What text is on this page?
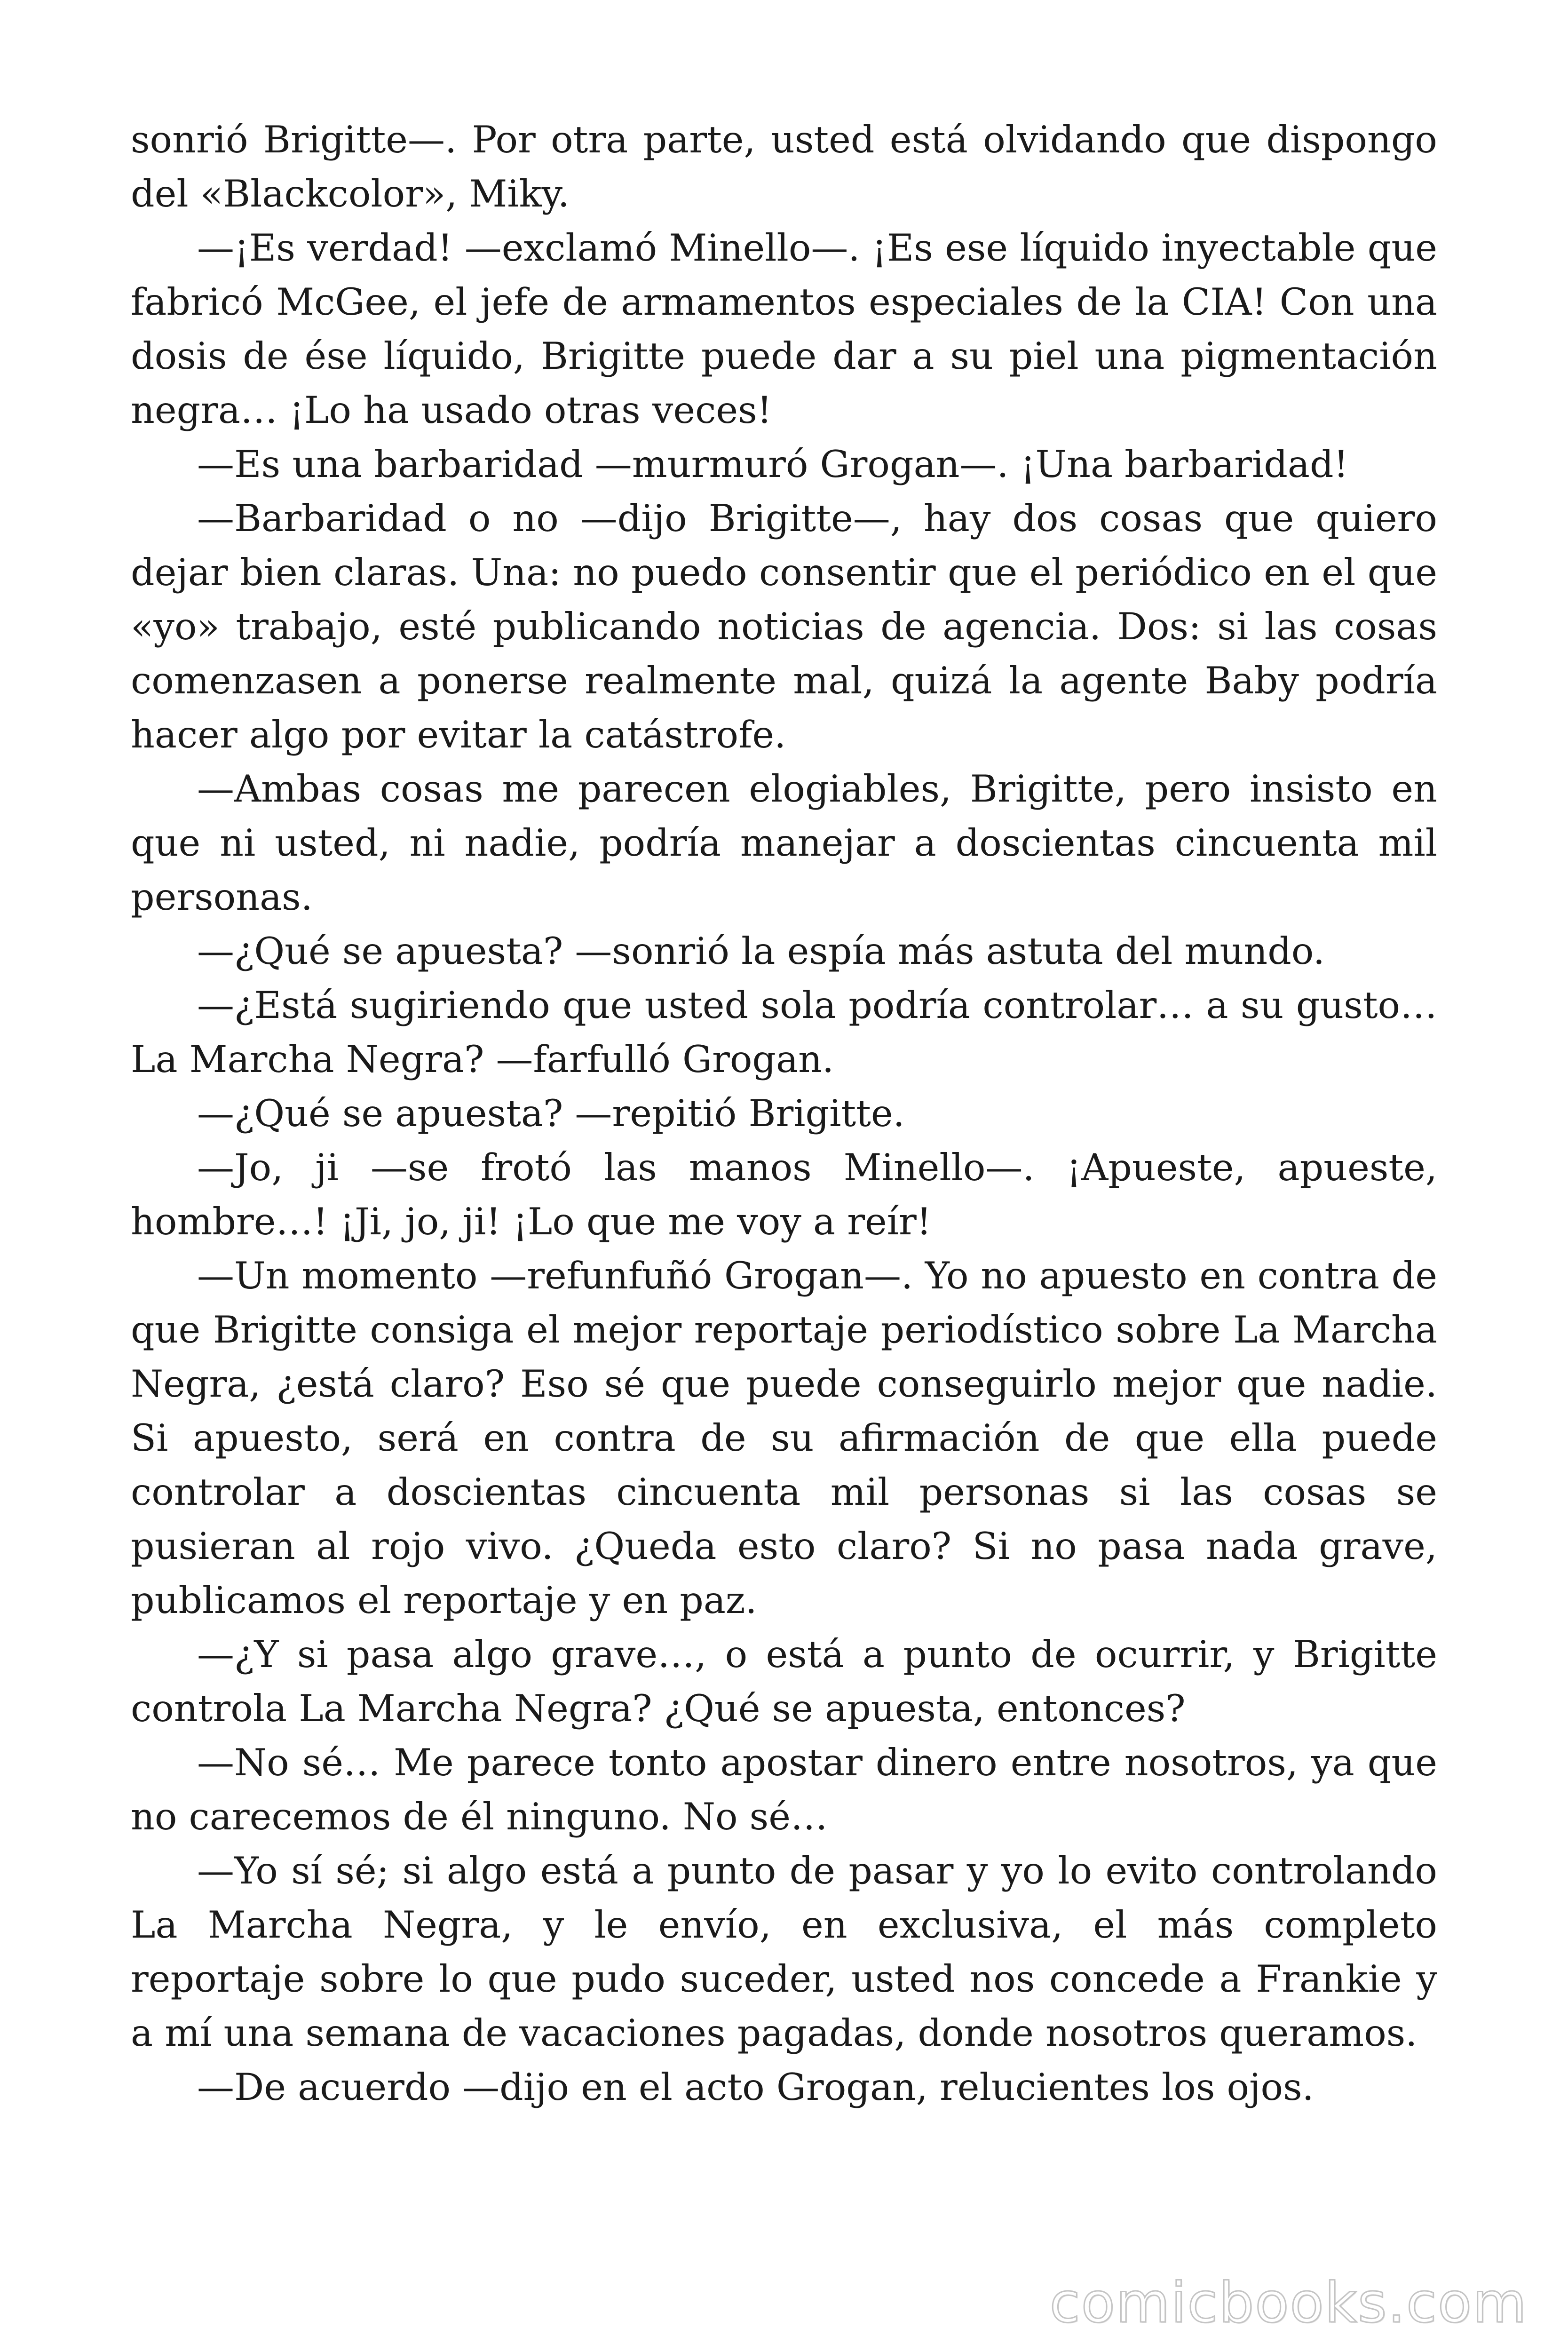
sonrió Brigitte—. Por otra parte, usted está olvidando que dispongo del «Blackcolor», Miky.

—¡Es verdad! —exclamó Minello—. ¡Es ese líquido inyectable que fabricó McGee, el jefe de armamentos especiales de la CIA! Con una dosis de ése líquido, Brigitte puede dar a su piel una pigmentación negra… ¡Lo ha usado otras veces!

—Es una barbaridad —murmuró Grogan—. ¡Una barbaridad!

—Barbaridad o no —dijo Brigitte—, hay dos cosas que quiero dejar bien claras. Una: no puedo consentir que el periódico en el que «yo» trabajo, esté publicando noticias de agencia. Dos: si las cosas comenzasen a ponerse realmente mal, quizá la agente Baby podría hacer algo por evitar la catástrofe.

—Ambas cosas me parecen elogiables, Brigitte, pero insisto en que ni usted, ni nadie, podría manejar a doscientas cincuenta mil personas.

—¿Qué se apuesta? —sonrió la espía más astuta del mundo.

—¿Está sugiriendo que usted sola podría controlar… a su gusto… La Marcha Negra? —farfulló Grogan.

—¿Qué se apuesta? —repitió Brigitte.

—Jo, ji —se frotó las manos Minello—. ¡Apueste, apueste, hombre…! ¡Ji, jo, ji! ¡Lo que me voy a reír!

—Un momento —refunfuñó Grogan—. Yo no apuesto en contra de que Brigitte consiga el mejor reportaje periodístico sobre La Marcha Negra, ¿está claro? Eso sé que puede conseguirlo mejor que nadie. Si apuesto, será en contra de su afirmación de que ella puede controlar a doscientas cincuenta mil personas si las cosas se pusieran al rojo vivo. ¿Queda esto claro? Si no pasa nada grave, publicamos el reportaje y en paz.

—¿Y si pasa algo grave…, o está a punto de ocurrir, y Brigitte controla La Marcha Negra? ¿Qué se apuesta, entonces?

—No sé… Me parece tonto apostar dinero entre nosotros, ya que no carecemos de él ninguno. No sé…

—Yo sí sé; si algo está a punto de pasar y yo lo evito controlando La Marcha Negra, y le envío, en exclusiva, el más completo reportaje sobre lo que pudo suceder, usted nos concede a Frankie y a mí una semana de vacaciones pagadas, donde nosotros queramos.

—De acuerdo —dijo en el acto Grogan, relucientes los ojos.

comicbooks.com
